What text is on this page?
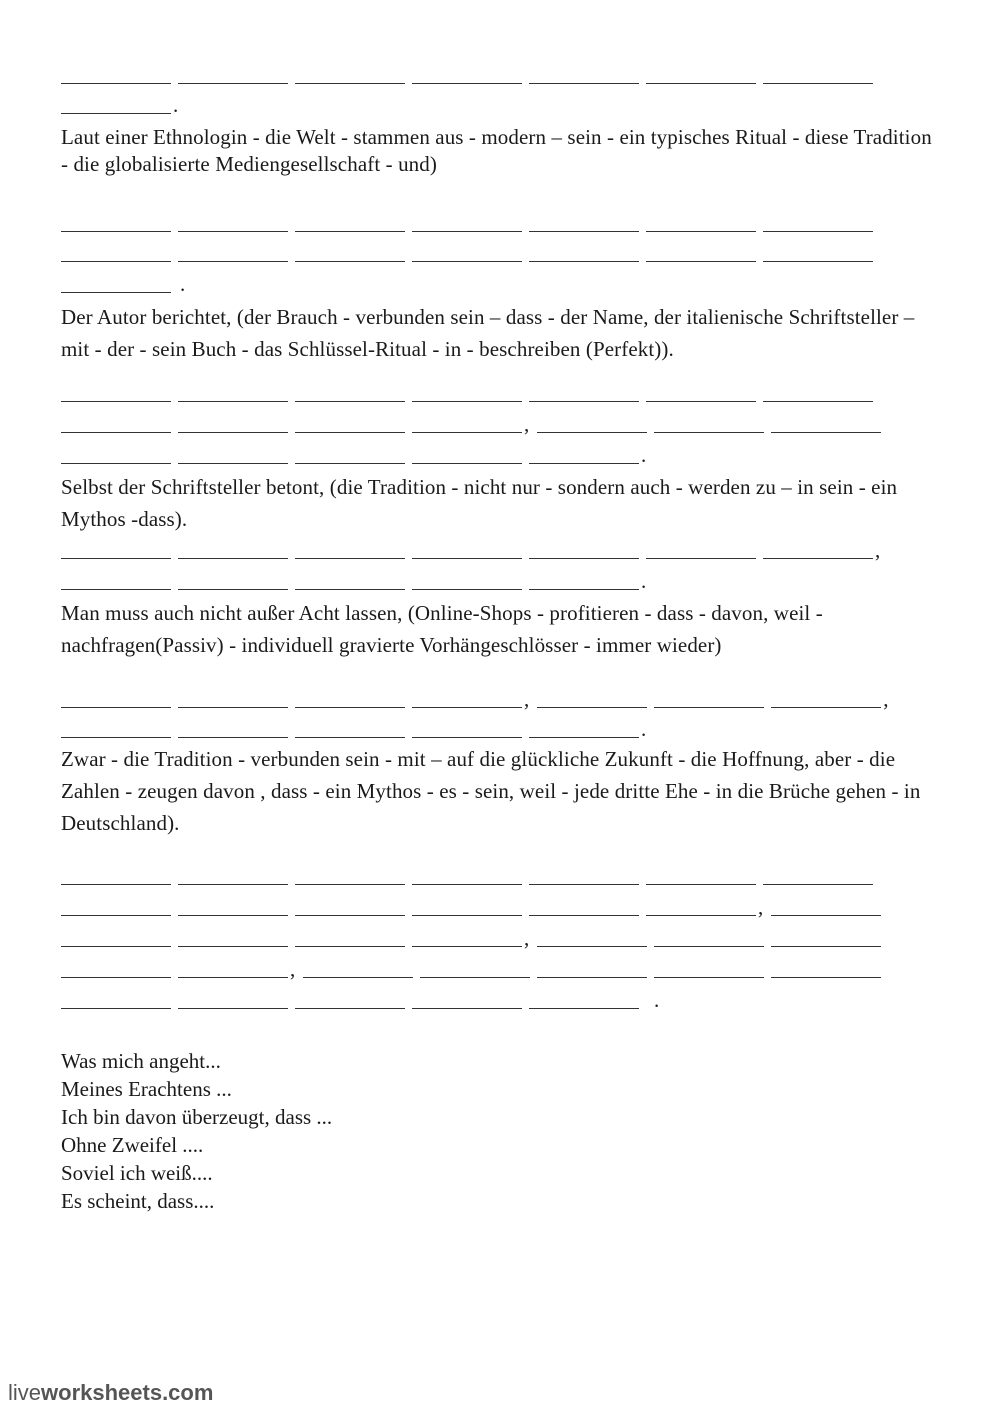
.

Laut einer Ethnologin - die Welt - stammen aus - modern – sein - ein typisches Ritual - diese Tradition - die globalisierte Mediengesellschaft - und)

.

Der Autor berichtet, (der Brauch - verbunden sein – dass - der Name, der italienische Schriftsteller – mit - der - sein Buch - das Schlüssel-Ritual - in - beschreiben (Perfekt)).

,
.

Selbst der Schriftsteller betont, (die Tradition - nicht nur - sondern auch - werden zu – in sein - ein Mythos -dass).

,
.

Man muss auch nicht außer Acht lassen, (Online-Shops - profitieren - dass - davon, weil - nachfragen(Passiv) - individuell gravierte Vorhängeschlösser - immer wieder)

,	,
.

Zwar - die Tradition - verbunden sein - mit – auf die glückliche Zukunft - die Hoffnung, aber - die Zahlen - zeugen davon , dass - ein Mythos - es - sein, weil - jede dritte Ehe - in die Brüche gehen - in Deutschland).

,
,
,
.
Was mich angeht...
Meines Erachtens ...
Ich bin davon überzeugt, dass ...
Ohne Zweifel ....
Soviel ich weiß....
Es scheint, dass....
liveworksheets.com
